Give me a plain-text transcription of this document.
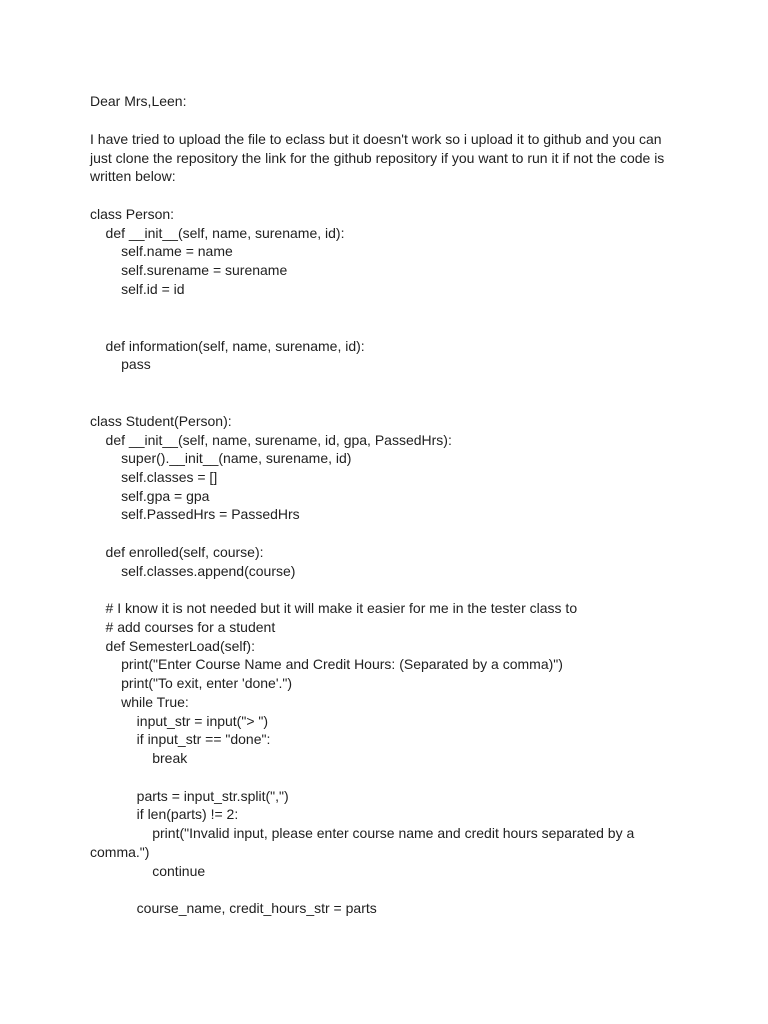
Dear Mrs,Leen:
I have tried to upload the file to eclass but it doesn't work so i upload it to github and you can
just clone the repository the link for the github repository if you want to run it if not the code is
written below:
class Person:
def __init__(self, name, surename, id):
self.name = name
self.surename = surename
self.id = id
def information(self, name, surename, id):
pass
class Student(Person):
def __init__(self, name, surename, id, gpa, PassedHrs):
super().__init__(name, surename, id)
self.classes = []
self.gpa = gpa
self.PassedHrs = PassedHrs
def enrolled(self, course):
self.classes.append(course)
# I know it is not needed but it will make it easier for me in the tester class to
# add courses for a student
def SemesterLoad(self):
print("Enter Course Name and Credit Hours: (Separated by a comma)")
print("To exit, enter 'done'.")
while True:
input_str = input("> ")
if input_str == "done":
break
parts = input_str.split(",")
if len(parts) != 2:
print("Invalid input, please enter course name and credit hours separated by a
comma.")
continue
course_name, credit_hours_str = parts
